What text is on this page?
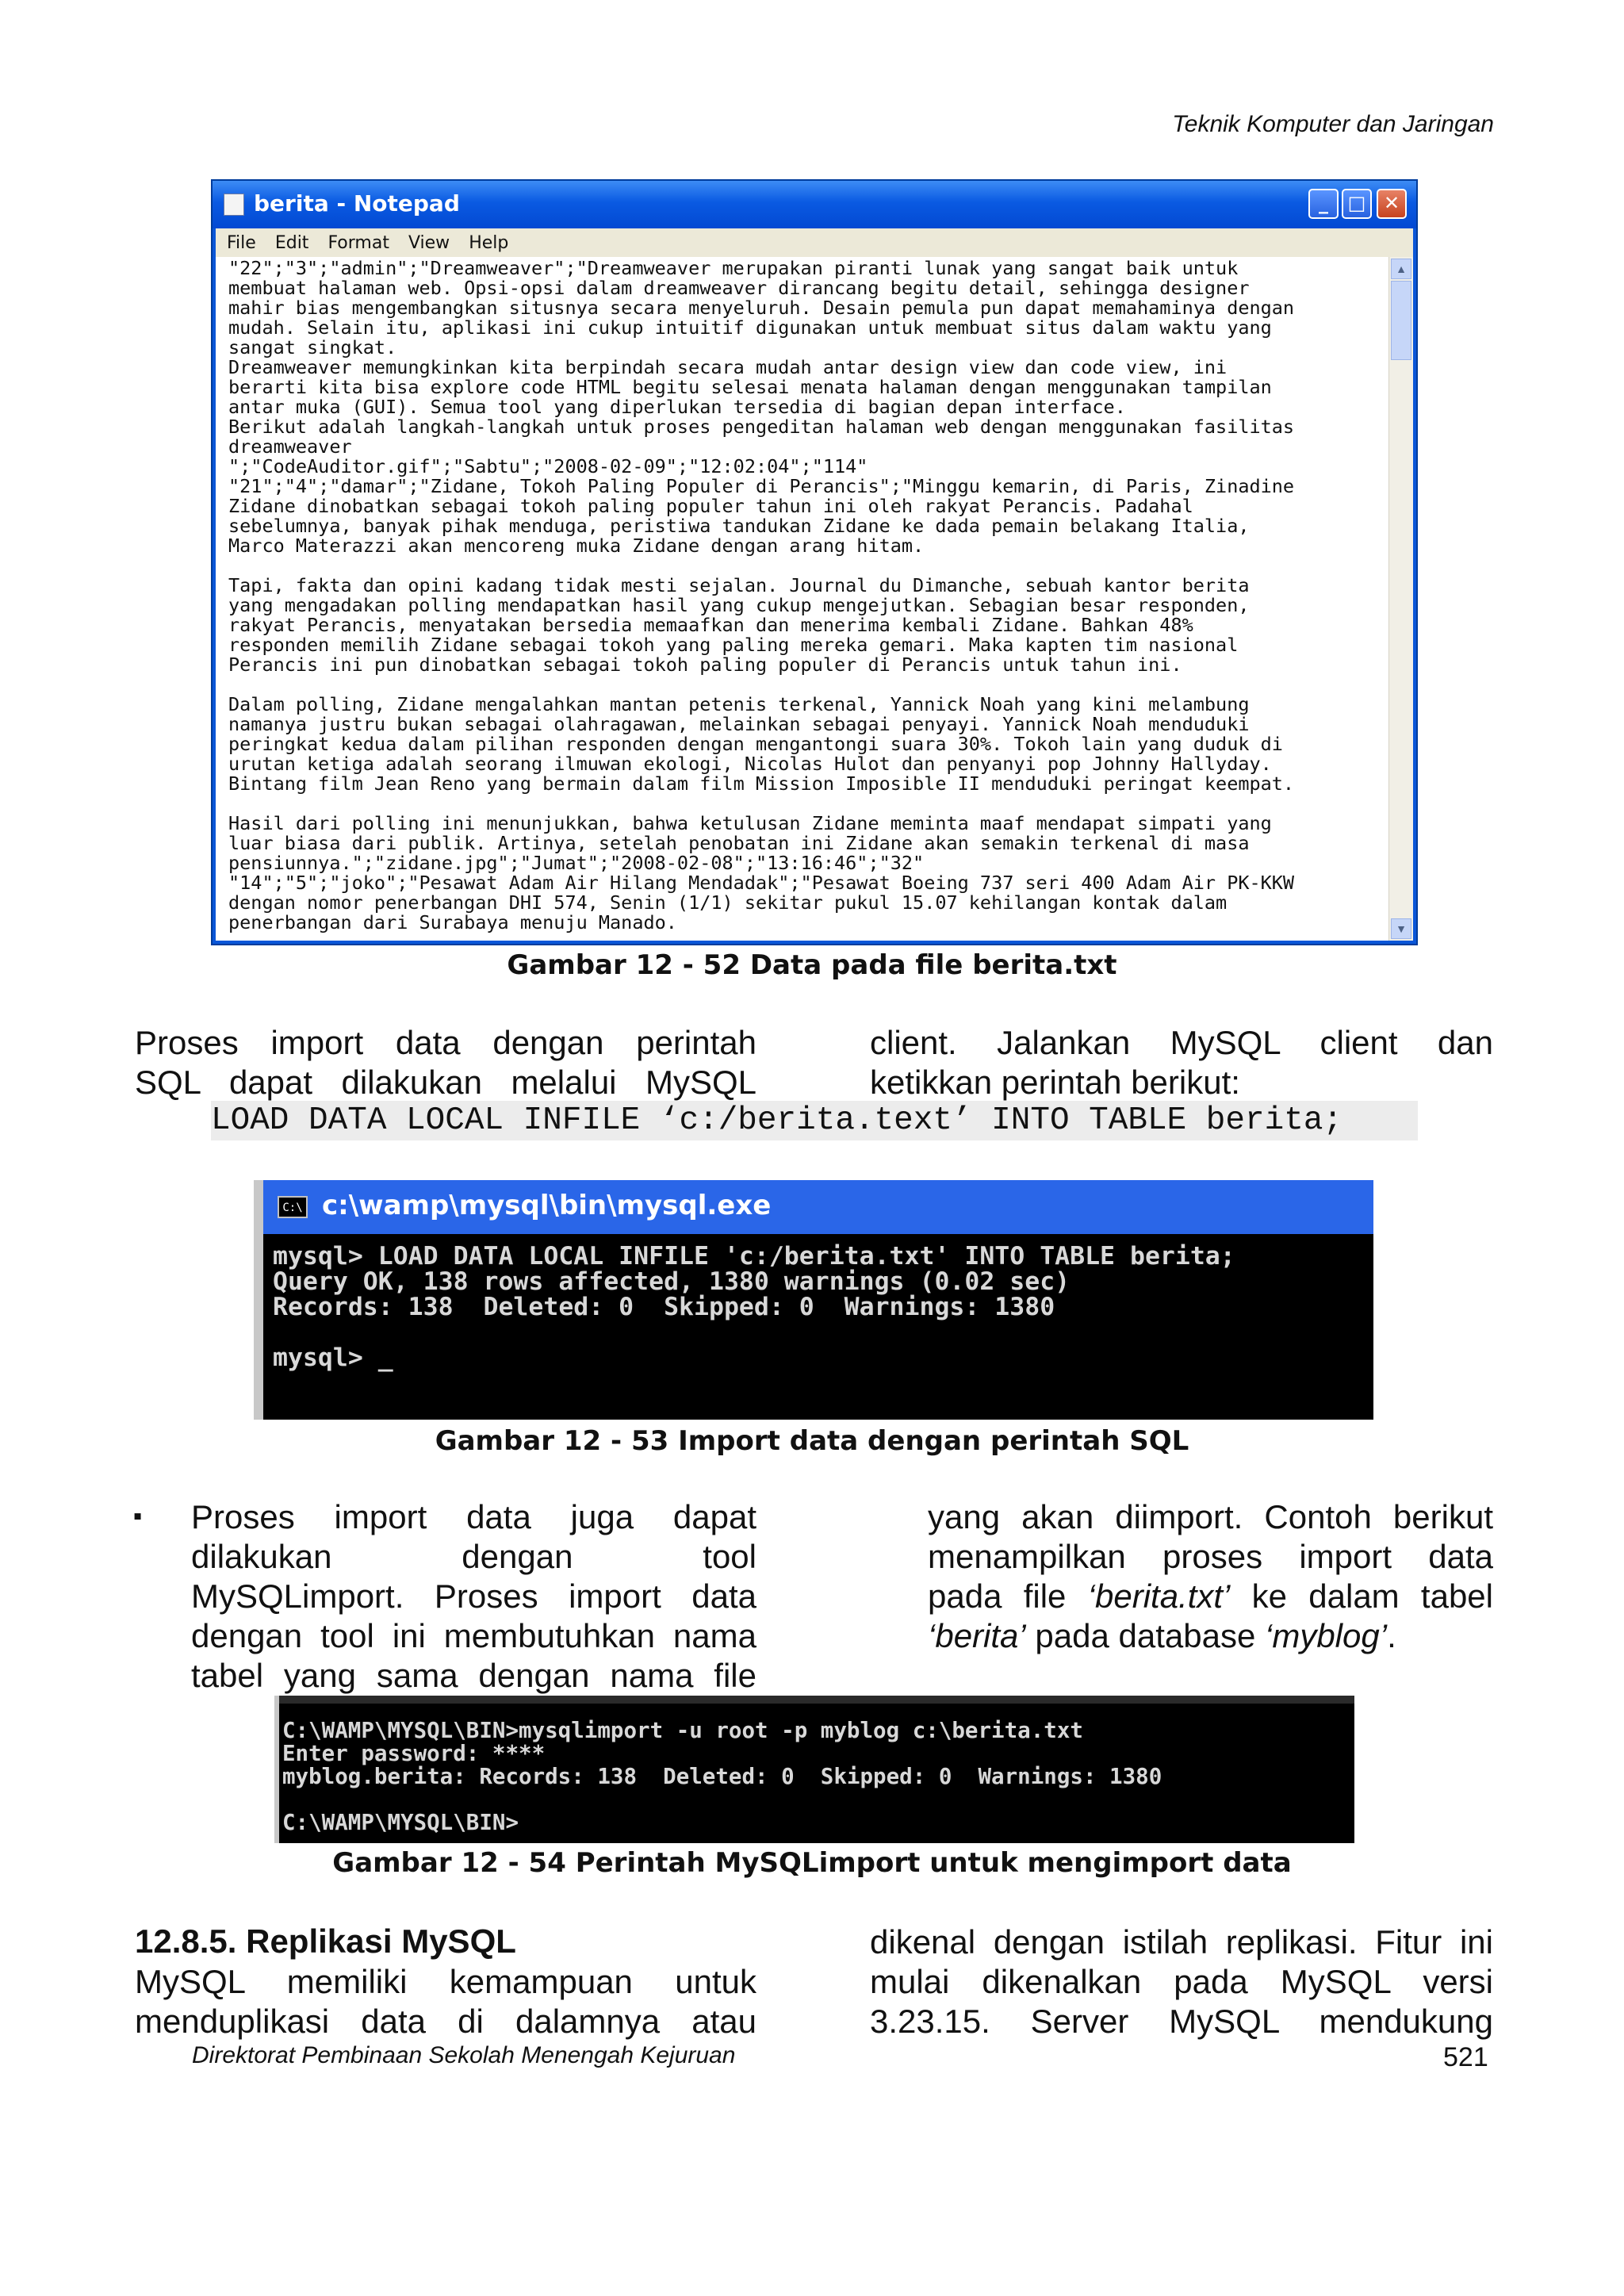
Teknik Komputer dan Jaringan
berita - Notepad	_	□ ✕
File Edit Format View Help
"22";"3";"admin";"Dreamweaver";"Dreamweaver merupakan piranti lunak yang sangat baik untuk
membuat halaman web. Opsi-opsi dalam dreamweaver dirancang begitu detail, sehingga designer
mahir bias mengembangkan situsnya secara menyeluruh. Desain pemula pun dapat memahaminya dengan
mudah. Selain itu, aplikasi ini cukup intuitif digunakan untuk membuat situs dalam waktu yang
sangat singkat.
Dreamweaver memungkinkan kita berpindah secara mudah antar design view dan code view, ini
berarti kita bisa explore code HTML begitu selesai menata halaman dengan menggunakan tampilan
antar muka (GUI). Semua tool yang diperlukan tersedia di bagian depan interface.
Berikut adalah langkah-langkah untuk proses pengeditan halaman web dengan menggunakan fasilitas
dreamweaver
";"CodeAuditor.gif";"Sabtu";"2008-02-09";"12:02:04";"114"
"21";"4";"damar";"Zidane, Tokoh Paling Populer di Perancis";"Minggu kemarin, di Paris, Zinadine
Zidane dinobatkan sebagai tokoh paling populer tahun ini oleh rakyat Perancis. Padahal
sebelumnya, banyak pihak menduga, peristiwa tandukan Zidane ke dada pemain belakang Italia,
Marco Materazzi akan mencoreng muka Zidane dengan arang hitam.

Tapi, fakta dan opini kadang tidak mesti sejalan. Journal du Dimanche, sebuah kantor berita
yang mengadakan polling mendapatkan hasil yang cukup mengejutkan. Sebagian besar responden,
rakyat Perancis, menyatakan bersedia memaafkan dan menerima kembali Zidane. Bahkan 48%
responden memilih Zidane sebagai tokoh yang paling mereka gemari. Maka kapten tim nasional
Perancis ini pun dinobatkan sebagai tokoh paling populer di Perancis untuk tahun ini.

Dalam polling, Zidane mengalahkan mantan petenis terkenal, Yannick Noah yang kini melambung
namanya justru bukan sebagai olahragawan, melainkan sebagai penyayi. Yannick Noah menduduki
peringkat kedua dalam pilihan responden dengan mengantongi suara 30%. Tokoh lain yang duduk di
urutan ketiga adalah seorang ilmuwan ekologi, Nicolas Hulot dan penyanyi pop Johnny Hallyday.
Bintang film Jean Reno yang bermain dalam film Mission Imposible II menduduki peringat keempat.

Hasil dari polling ini menunjukkan, bahwa ketulusan Zidane meminta maaf mendapat simpati yang
luar biasa dari publik. Artinya, setelah penobatan ini Zidane akan semakin terkenal di masa
pensiunnya.";"zidane.jpg";"Jumat";"2008-02-08";"13:16:46";"32"
"14";"5";"joko";"Pesawat Adam Air Hilang Mendadak";"Pesawat Boeing 737 seri 400 Adam Air PK-KKW
dengan nomor penerbangan DHI 574, Senin (1/1) sekitar pukul 15.07 kehilangan kontak dalam
penerbangan dari Surabaya menuju Manado.
▲
▼
Gambar 12 - 52 Data pada file berita.txt

Proses import data dengan perintah

SQL dapat dilakukan melalui MySQL

client. Jalankan MySQL client dan

ketikkan perintah berikut:

LOAD DATA LOCAL INFILE ‘c:/berita.text’ INTO TABLE berita;
C:\ c:\wamp\mysql\bin\mysql.exe
mysql> LOAD DATA LOCAL INFILE 'c:/berita.txt' INTO TABLE berita;
Query OK, 138 rows affected, 1380 warnings (0.02 sec)
Records: 138  Deleted: 0  Skipped: 0  Warnings: 1380

mysql> _
Gambar 12 - 53 Import data dengan perintah SQL
▪ Proses import data juga dapat

dilakukan dengan tool

MySQLimport. Proses import data

dengan tool ini membutuhkan nama

tabel yang sama dengan nama file

yang akan diimport. Contoh berikut

menampilkan proses import data

pada file ‘berita.txt’ ke dalam tabel

‘berita’ pada database ‘myblog’.

C:\WAMP\MYSQL\BIN>mysqlimport -u root -p myblog c:\berita.txt
Enter password: ****
myblog.berita: Records: 138  Deleted: 0  Skipped: 0  Warnings: 1380

C:\WAMP\MYSQL\BIN>
Gambar 12 - 54 Perintah MySQLimport untuk mengimport data
12.8.5. Replikasi MySQL

MySQL memiliki kemampuan untuk

menduplikasi data di dalamnya atau

dikenal dengan istilah replikasi. Fitur ini

mulai dikenalkan pada MySQL versi

3.23.15. Server MySQL mendukung

Direktorat Pembinaan Sekolah Menengah Kejuruan	521
